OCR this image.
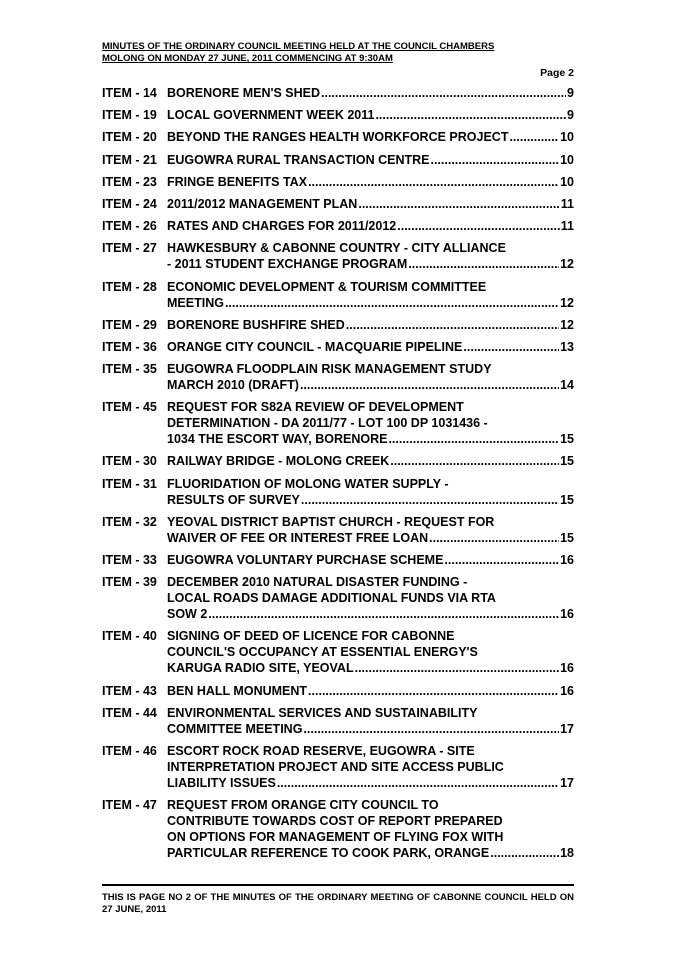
MINUTES OF THE ORDINARY COUNCIL MEETING HELD AT THE COUNCIL CHAMBERS
MOLONG ON MONDAY 27 JUNE, 2011 COMMENCING AT 9:30AM
Page 2
ITEM - 14 BORENORE MEN'S SHED .....	9
ITEM - 19 LOCAL GOVERNMENT WEEK 2011 .....	9
ITEM - 20 BEYOND THE RANGES HEALTH WORKFORCE PROJECT .....	10
ITEM - 21 EUGOWRA RURAL TRANSACTION CENTRE .....	10
ITEM - 23 FRINGE BENEFITS TAX .....	10
ITEM - 24 2011/2012 MANAGEMENT PLAN .....	11
ITEM - 26 RATES AND CHARGES FOR 2011/2012 .....	11
ITEM - 27 HAWKESBURY & CABONNE COUNTRY - CITY ALLIANCE
- 2011 STUDENT EXCHANGE PROGRAM .....	12
ITEM - 28 ECONOMIC DEVELOPMENT & TOURISM COMMITTEE
MEETING .....	12
ITEM - 29 BORENORE BUSHFIRE SHED .....	12
ITEM - 36 ORANGE CITY COUNCIL - MACQUARIE PIPELINE .....	13
ITEM - 35 EUGOWRA FLOODPLAIN RISK MANAGEMENT STUDY
MARCH 2010 (DRAFT) .....	14
ITEM - 45 REQUEST FOR S82A REVIEW OF DEVELOPMENT
DETERMINATION - DA 2011/77 - LOT 100 DP 1031436 -
1034 THE ESCORT WAY, BORENORE .....	15
ITEM - 30 RAILWAY BRIDGE - MOLONG CREEK .....	15
ITEM - 31 FLUORIDATION OF MOLONG WATER SUPPLY -
RESULTS OF SURVEY .....	15
ITEM - 32 YEOVAL DISTRICT BAPTIST CHURCH - REQUEST FOR
WAIVER OF FEE OR INTEREST FREE LOAN .....	15
ITEM - 33 EUGOWRA VOLUNTARY PURCHASE SCHEME .....	16
ITEM - 39 DECEMBER 2010 NATURAL DISASTER FUNDING -
LOCAL ROADS DAMAGE ADDITIONAL FUNDS VIA RTA
SOW 2 .....	16
ITEM - 40 SIGNING OF DEED OF LICENCE FOR CABONNE
COUNCIL'S OCCUPANCY AT ESSENTIAL ENERGY'S
KARUGA RADIO SITE, YEOVAL .....	16
ITEM - 43 BEN HALL MONUMENT .....	16
ITEM - 44 ENVIRONMENTAL SERVICES AND SUSTAINABILITY
COMMITTEE MEETING .....	17
ITEM - 46 ESCORT ROCK ROAD RESERVE, EUGOWRA - SITE
INTERPRETATION PROJECT AND SITE ACCESS PUBLIC
LIABILITY ISSUES .....	17
ITEM - 47 REQUEST FROM ORANGE CITY COUNCIL TO
CONTRIBUTE TOWARDS COST OF REPORT PREPARED
ON OPTIONS FOR MANAGEMENT OF FLYING FOX WITH
PARTICULAR REFERENCE TO COOK PARK, ORANGE .....	18
THIS IS PAGE NO 2 OF THE MINUTES OF THE ORDINARY MEETING OF CABONNE COUNCIL HELD ON 27 JUNE, 2011
